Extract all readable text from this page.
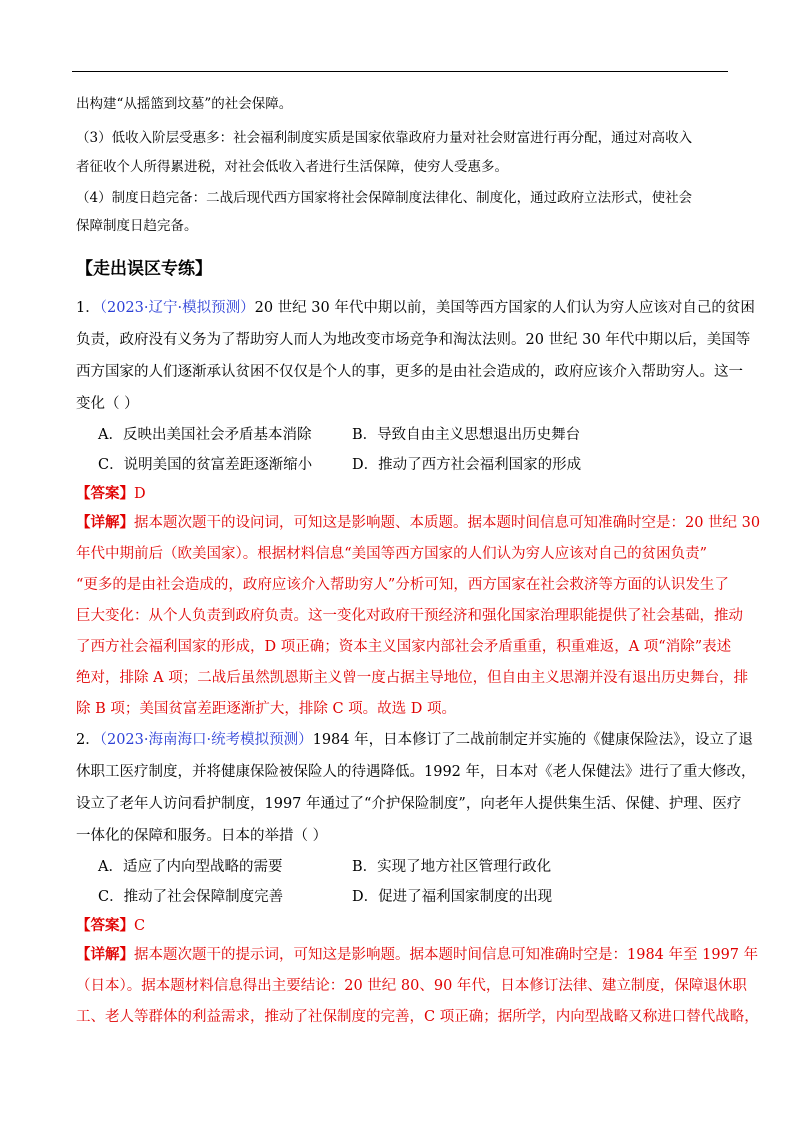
出构建“从摇篮到坟墓”的社会保障。
（3）低收入阶层受惠多：社会福利制度实质是国家依靠政府力量对社会财富进行再分配，通过对高收入
者征收个人所得累进税，对社会低收入者进行生活保障，使穷人受惠多。
（4）制度日趋完备：二战后现代西方国家将社会保障制度法律化、制度化，通过政府立法形式，使社会
保障制度日趋完备。
【走出误区专练】
1．（2023·辽宁·模拟预测）20 世纪 30 年代中期以前，美国等西方国家的人们认为穷人应该对自己的贫困
负责，政府没有义务为了帮助穷人而人为地改变市场竞争和淘汰法则。20 世纪 30 年代中期以后，美国等
西方国家的人们逐渐承认贫困不仅仅是个人的事，更多的是由社会造成的，政府应该介入帮助穷人。这一
变化（ ）
A．反映出美国社会矛盾基本消除	B．导致自由主义思想退出历史舞台
C．说明美国的贫富差距逐渐缩小	D．推动了西方社会福利国家的形成
【答案】D
【详解】据本题次题干的设问词，可知这是影响题、本质题。据本题时间信息可知准确时空是：20 世纪 30
年代中期前后（欧美国家）。根据材料信息“美国等西方国家的人们认为穷人应该对自己的贫困负责”
“更多的是由社会造成的，政府应该介入帮助穷人”分析可知，西方国家在社会救济等方面的认识发生了
巨大变化：从个人负责到政府负责。这一变化对政府干预经济和强化国家治理职能提供了社会基础，推动
了西方社会福利国家的形成，D 项正确；资本主义国家内部社会矛盾重重，积重难返，A 项“消除”表述
绝对，排除 A 项；二战后虽然凯恩斯主义曾一度占据主导地位，但自由主义思潮并没有退出历史舞台，排
除 B 项；美国贫富差距逐渐扩大，排除 C 项。故选 D 项。
2．（2023·海南海口·统考模拟预测）1984 年，日本修订了二战前制定并实施的《健康保险法》，设立了退
休职工医疗制度，并将健康保险被保险人的待遇降低。1992 年，日本对《老人保健法》进行了重大修改，
设立了老年人访问看护制度，1997 年通过了“介护保险制度”，向老年人提供集生活、保健、护理、医疗
一体化的保障和服务。日本的举措（ ）
A．适应了内向型战略的需要	B．实现了地方社区管理行政化
C．推动了社会保障制度完善	D．促进了福利国家制度的出现
【答案】C
【详解】据本题次题干的提示词，可知这是影响题。据本题时间信息可知准确时空是：1984 年至 1997 年
（日本）。据本题材料信息得出主要结论：20 世纪 80、90 年代，日本修订法律、建立制度，保障退休职
工、老人等群体的利益需求，推动了社保制度的完善，C 项正确；据所学，内向型战略又称进口替代战略，
